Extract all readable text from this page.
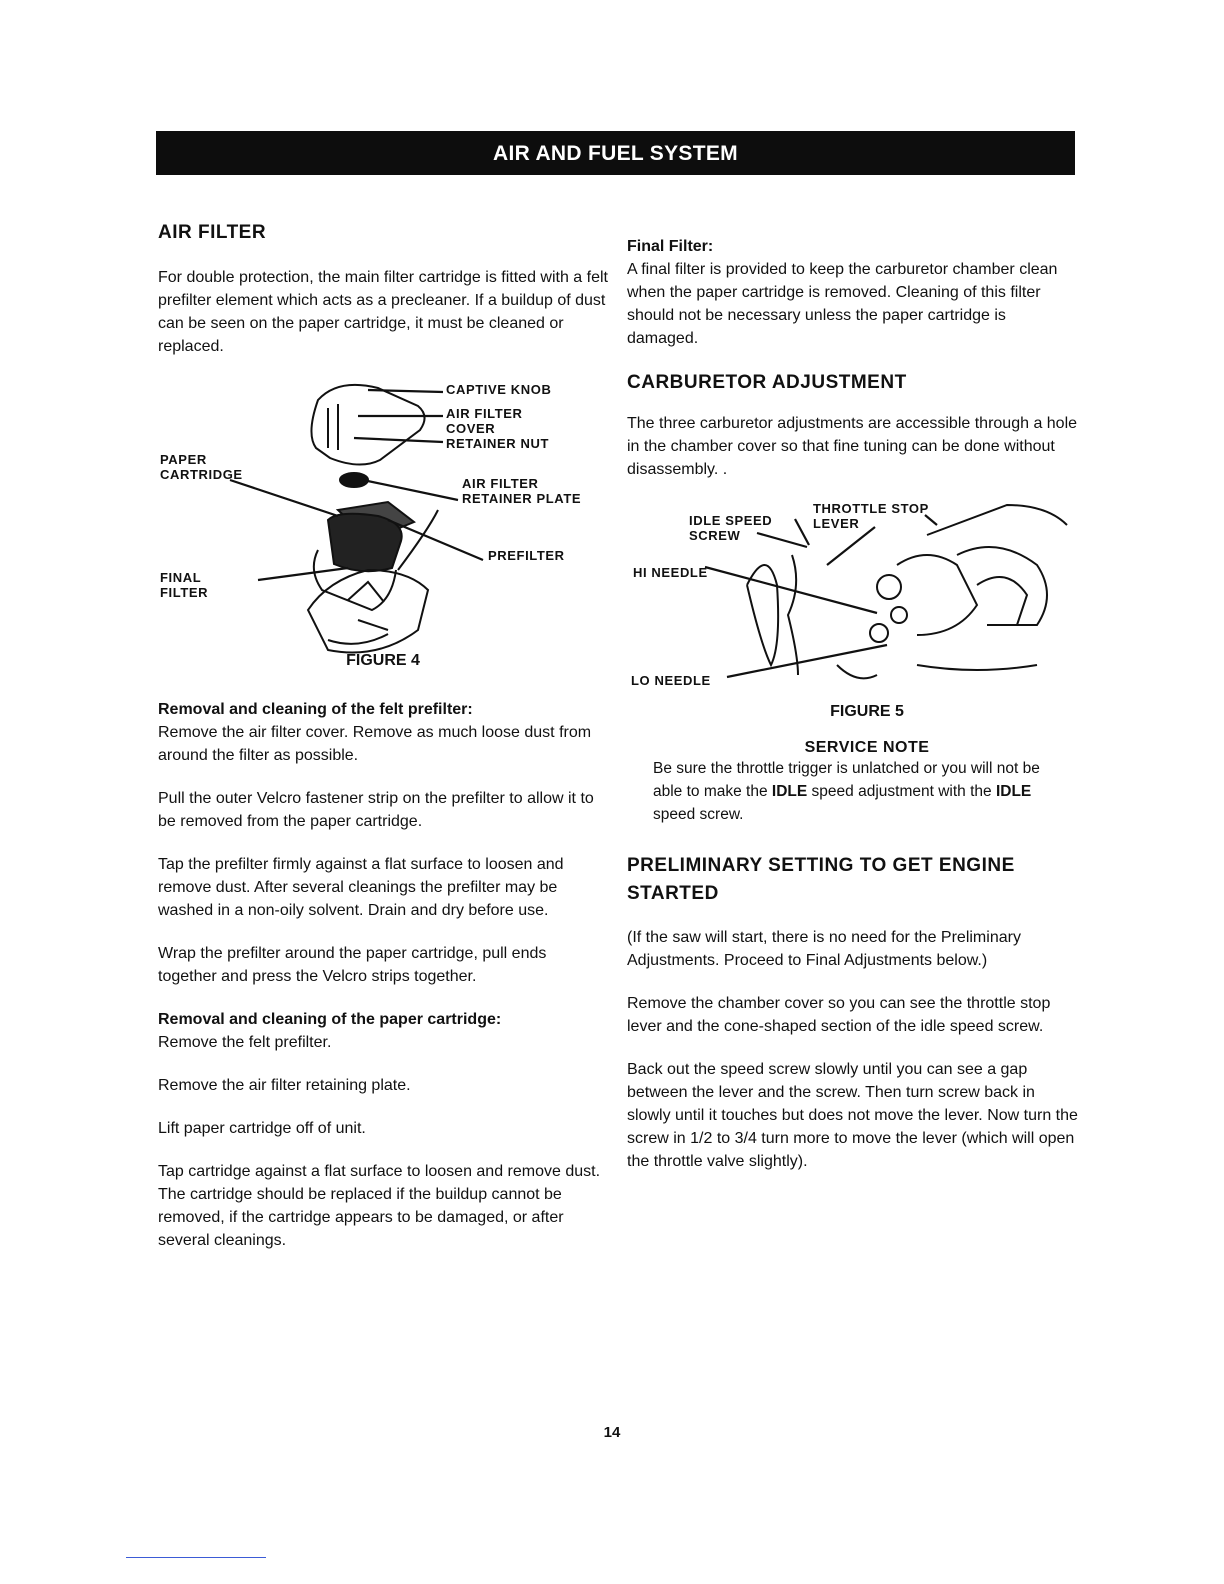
AIR AND FUEL SYSTEM
AIR FILTER

For double protection, the main filter cartridge is fitted with a felt prefilter element which acts as a precleaner. If a buildup of dust can be seen on the paper cartridge, it must be cleaned or replaced.

CAPTIVE KNOB
AIR FILTER
COVER
RETAINER NUT
PAPER
CARTRIDGE
AIR FILTER
RETAINER PLATE
PREFILTER
FINAL
FILTER
FIGURE 4

Removal and cleaning of the felt prefilter:

Remove the air filter cover. Remove as much loose dust from around the filter as possible.

Pull the outer Velcro fastener strip on the prefilter to allow it to be removed from the paper cartridge.

Tap the prefilter firmly against a flat surface to loosen and remove dust. After several cleanings the prefilter may be washed in a non-oily solvent. Drain and dry before use.

Wrap the prefilter around the paper cartridge, pull ends together and press the Velcro strips together.

Removal and cleaning of the paper cartridge:

Remove the felt prefilter.

Remove the air filter retaining plate.

Lift paper cartridge off of unit.

Tap cartridge against a flat surface to loosen and remove dust. The cartridge should be replaced if the buildup cannot be removed, if the cartridge appears to be damaged, or after several cleanings.

Final Filter:

A final filter is provided to keep the carburetor chamber clean when the paper cartridge is removed. Cleaning of this filter should not be necessary unless the paper cartridge is damaged.

CARBURETOR ADJUSTMENT

The three carburetor adjustments are accessible through a hole in the chamber cover so that fine tuning can be done without disassembly. .

THROTTLE STOP
LEVER
IDLE SPEED
SCREW
HI NEEDLE
LO NEEDLE
FIGURE 5
SERVICE NOTE

Be sure the throttle trigger is unlatched or you will not be able to make the IDLE speed adjustment with the IDLE speed screw.

PRELIMINARY SETTING TO GET ENGINE STARTED

(If the saw will start, there is no need for the Preliminary Adjustments. Proceed to Final Adjustments below.)

Remove the chamber cover so you can see the throttle stop lever and the cone-shaped section of the idle speed screw.

Back out the speed screw slowly until you can see a gap between the lever and the screw. Then turn screw back in slowly until it touches but does not move the lever. Now turn the screw in 1/2 to 3/4 turn more to move the lever (which will open the throttle valve slightly).

14
